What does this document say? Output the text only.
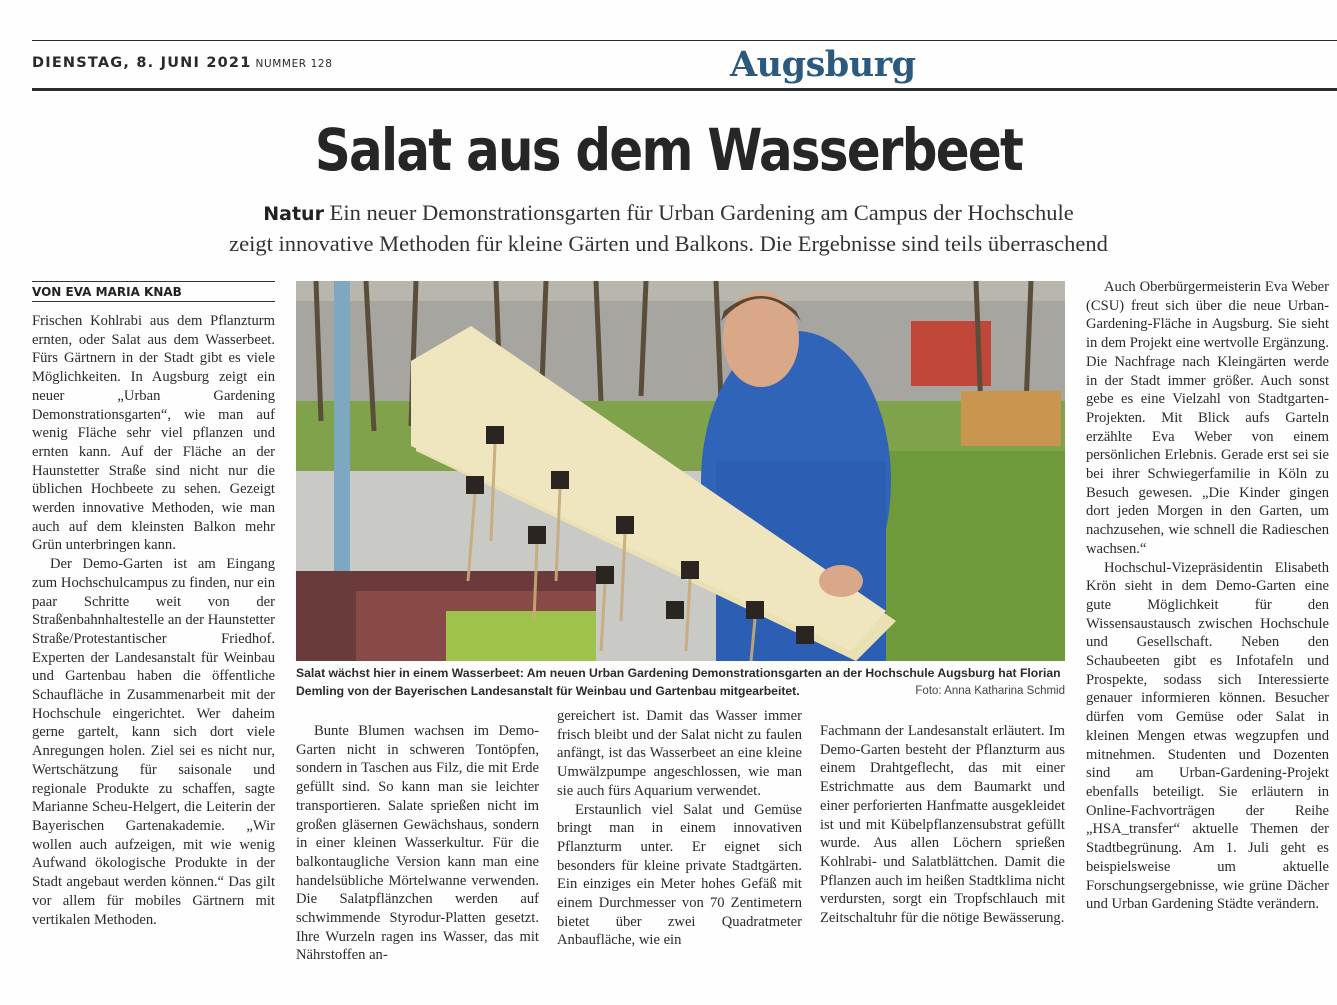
DIENSTAG, 8. JUNI 2021 NUMMER 128	Augsburg
Salat aus dem Wasserbeet
Natur Ein neuer Demonstrationsgarten für Urban Gardening am Campus der Hochschule
zeigt innovative Methoden für kleine Gärten und Balkons. Die Ergebnisse sind teils überraschend
VON EVA MARIA KNAB

Frischen Kohlrabi aus dem Pflanzturm ernten, oder Salat aus dem Wasserbeet. Fürs Gärtnern in der Stadt gibt es viele Möglichkeiten. In Augsburg zeigt ein neuer „Urban Gardening Demonstrationsgarten“, wie man auf wenig Fläche sehr viel pflanzen und ernten kann. Auf der Fläche an der Haunstetter Straße sind nicht nur die üblichen Hochbeete zu sehen. Gezeigt werden innovative Methoden, wie man auch auf dem kleinsten Balkon mehr Grün unterbringen kann.

Der Demo-Garten ist am Eingang zum Hochschulcampus zu finden, nur ein paar Schritte weit von der Straßenbahnhaltestelle an der Haunstetter Straße/Protestantischer Friedhof. Experten der Landesanstalt für Weinbau und Gartenbau haben die öffentliche Schaufläche in Zusammenarbeit mit der Hochschule eingerichtet. Wer daheim gerne gartelt, kann sich dort viele Anregungen holen. Ziel sei es nicht nur, Wertschätzung für saisonale und regionale Produkte zu schaffen, sagte Marianne Scheu-Helgert, die Leiterin der Bayerischen Gartenakademie. „Wir wollen auch aufzeigen, mit wie wenig Aufwand ökologische Produkte in der Stadt angebaut werden können.“ Das gilt vor allem für mobiles Gärtnern mit vertikalen Methoden.

Salat wächst hier in einem Wasserbeet: Am neuen Urban Gardening Demonstrationsgarten an der Hochschule Augsburg hat Florian Demling von der Bayerischen Landesanstalt für Weinbau und Gartenbau mitgearbeitet.	Foto: Anna Katharina Schmid

Bunte Blumen wachsen im Demo-Garten nicht in schweren Tontöpfen, sondern in Taschen aus Filz, die mit Erde gefüllt sind. So kann man sie leichter transportieren. Salate sprießen nicht im großen gläsernen Gewächshaus, sondern in einer kleinen Wasserkultur. Für die balkontaugliche Version kann man eine handelsübliche Mörtelwanne verwenden. Die Salatpflänzchen werden auf schwimmende Styrodur-Platten gesetzt. Ihre Wurzeln ragen ins Wasser, das mit Nährstoffen an-

gereichert ist. Damit das Wasser immer frisch bleibt und der Salat nicht zu faulen anfängt, ist das Wasserbeet an eine kleine Umwälzpumpe angeschlossen, wie man sie auch fürs Aquarium verwendet.

Erstaunlich viel Salat und Gemüse bringt man in einem innovativen Pflanzturm unter. Er eignet sich besonders für kleine private Stadtgärten. Ein einziges ein Meter hohes Gefäß mit einem Durchmesser von 70 Zentimetern bietet über zwei Quadratmeter Anbaufläche, wie ein

Fachmann der Landesanstalt erläutert. Im Demo-Garten besteht der Pflanzturm aus einem Drahtgeflecht, das mit einer Estrichmatte aus dem Baumarkt und einer perforierten Hanfmatte ausgekleidet ist und mit Kübelpflanzensubstrat gefüllt wurde. Aus allen Löchern sprießen Kohlrabi- und Salatblättchen. Damit die Pflanzen auch im heißen Stadtklima nicht verdursten, sorgt ein Tropfschlauch mit Zeitschaltuhr für die nötige Bewässerung.

Auch Oberbürgermeisterin Eva Weber (CSU) freut sich über die neue Urban-Gardening-Fläche in Augsburg. Sie sieht in dem Projekt eine wertvolle Ergänzung. Die Nachfrage nach Kleingärten werde in der Stadt immer größer. Auch sonst gebe es eine Vielzahl von Stadtgarten-Projekten. Mit Blick aufs Garteln erzählte Eva Weber von einem persönlichen Erlebnis. Gerade erst sei sie bei ihrer Schwiegerfamilie in Köln zu Besuch gewesen. „Die Kinder gingen dort jeden Morgen in den Garten, um nachzusehen, wie schnell die Radieschen wachsen.“

Hochschul-Vizepräsidentin Elisabeth Krön sieht in dem Demo-Garten eine gute Möglichkeit für den Wissensaustausch zwischen Hochschule und Gesellschaft. Neben den Schaubeeten gibt es Infotafeln und Prospekte, sodass sich Interessierte genauer informieren können. Besucher dürfen vom Gemüse oder Salat in kleinen Mengen etwas wegzupfen und mitnehmen. Studenten und Dozenten sind am Urban-Gardening-Projekt ebenfalls beteiligt. Sie erläutern in Online-Fachvorträgen der Reihe „HSA_transfer“ aktuelle Themen der Stadtbegrünung. Am 1. Juli geht es beispielsweise um aktuelle Forschungsergebnisse, wie grüne Dächer und Urban Gardening Städte verändern.
